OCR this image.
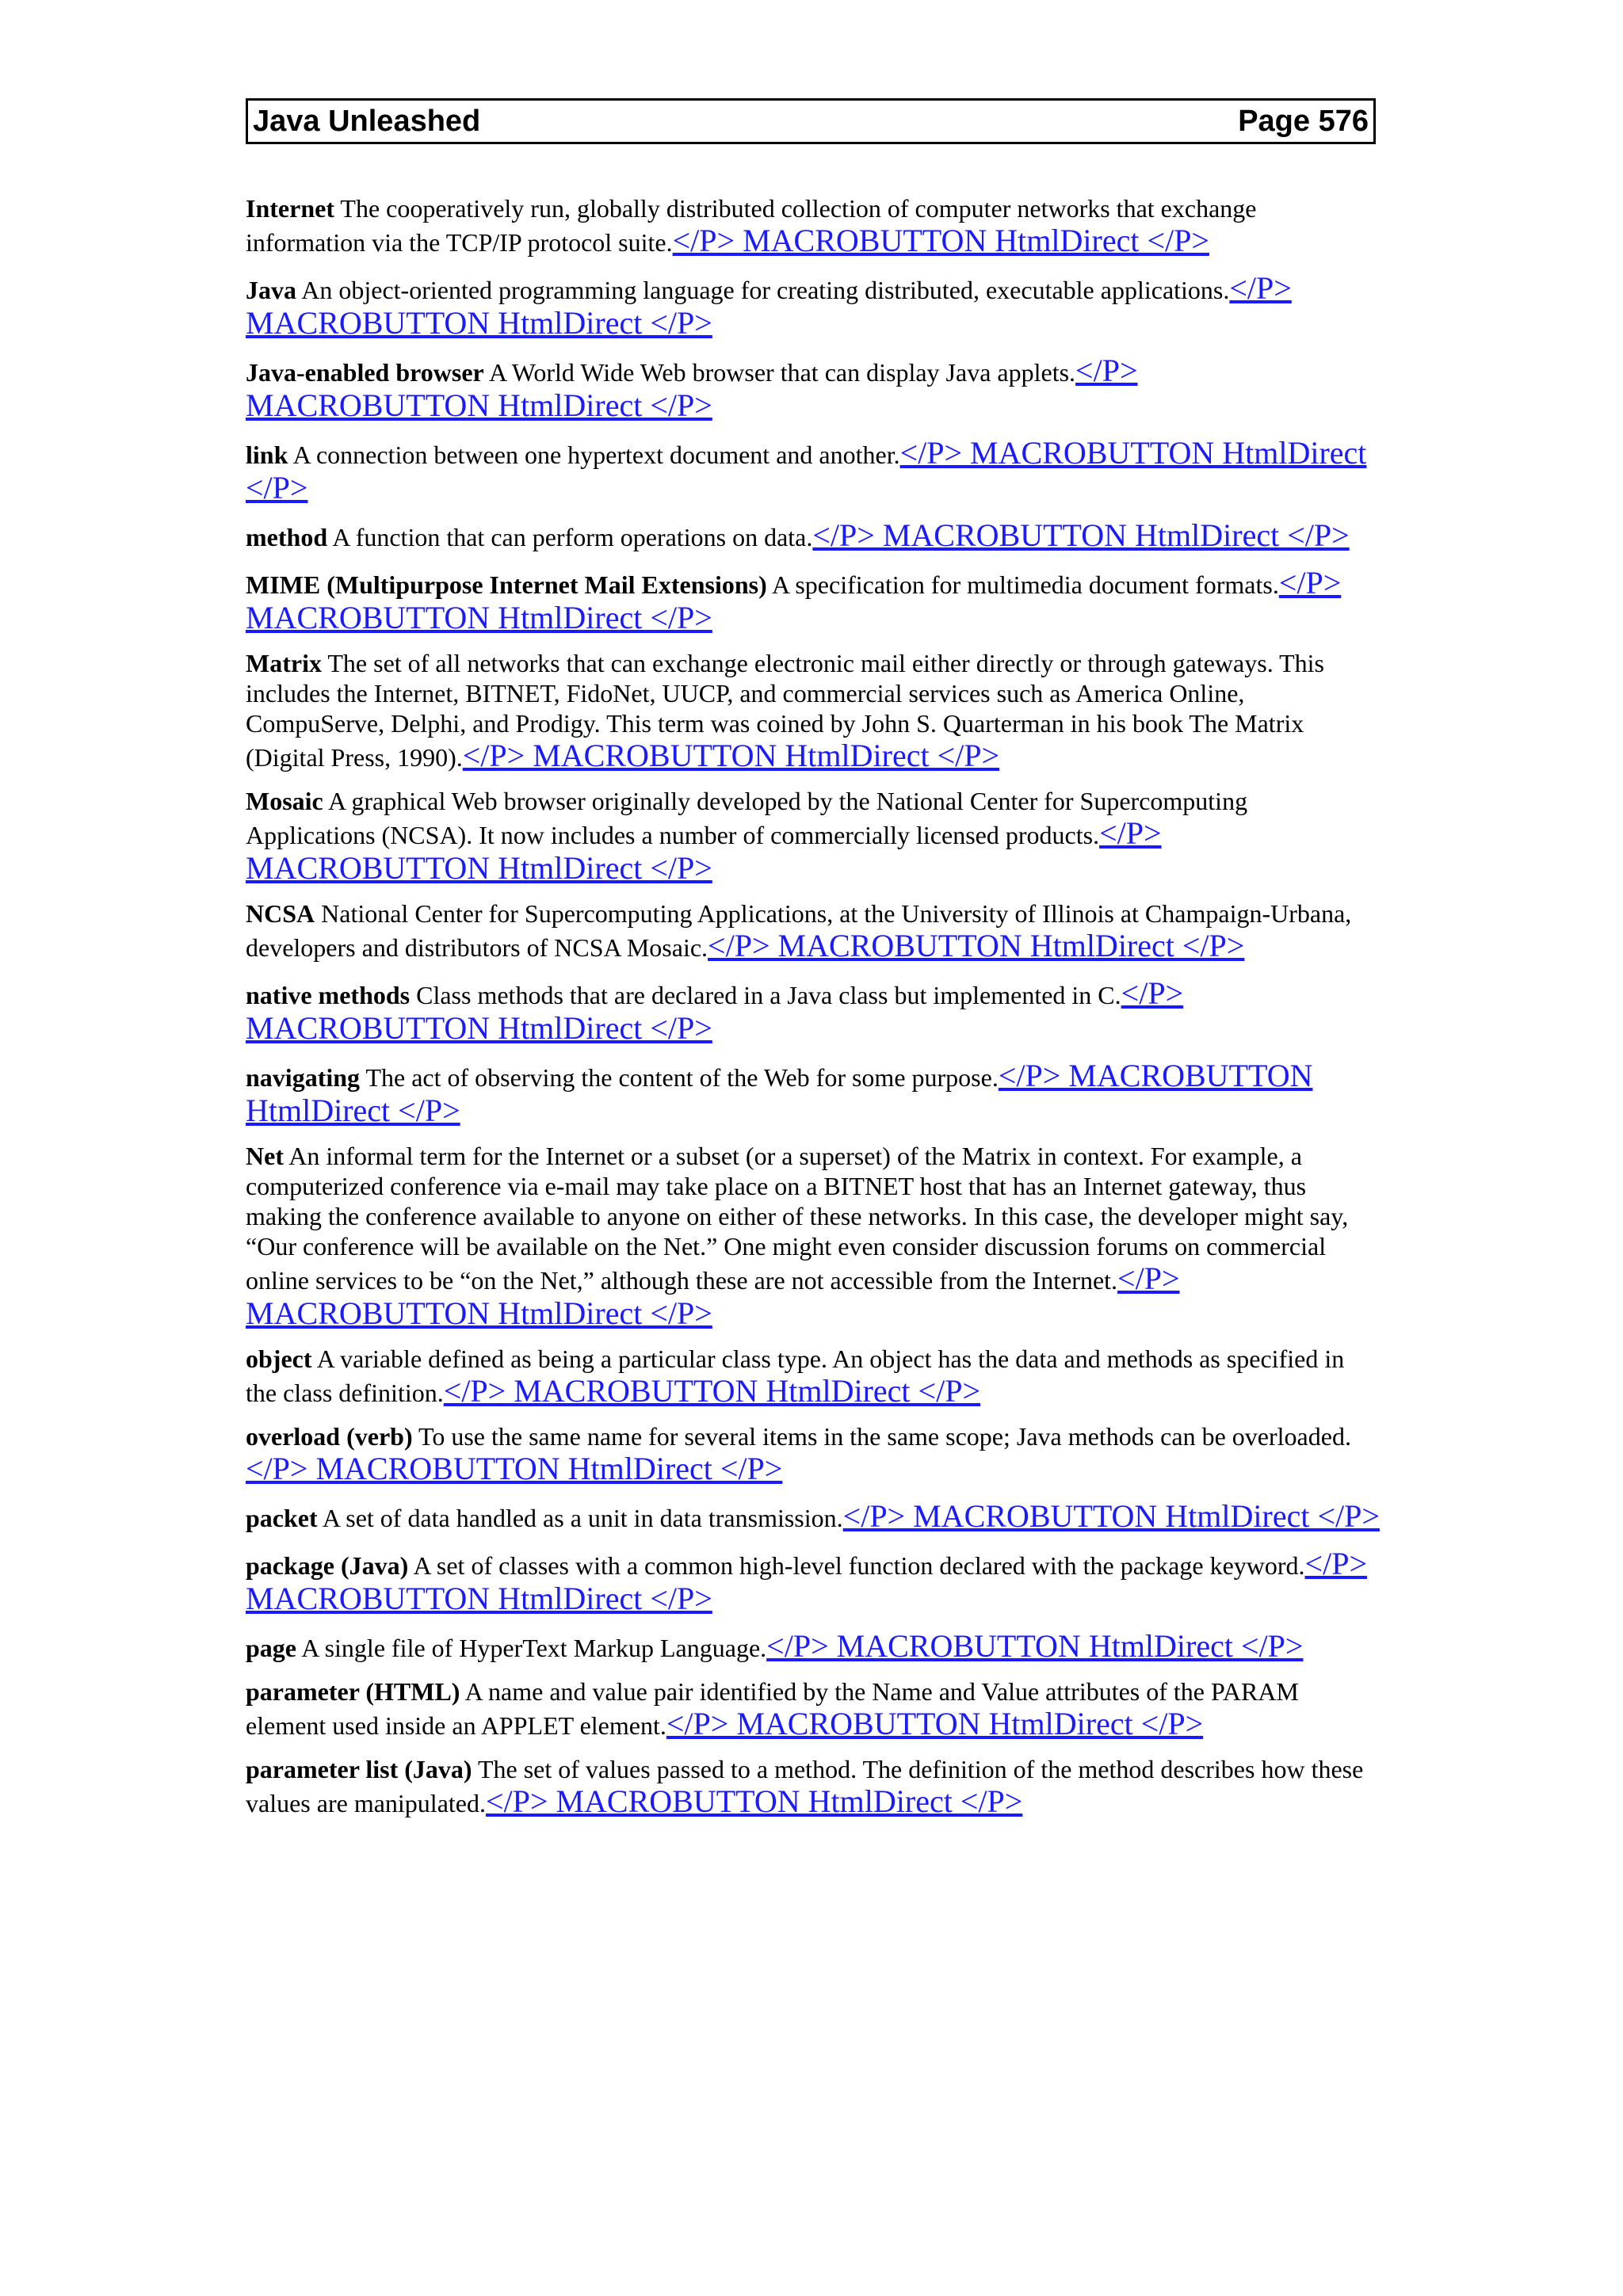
Java Unleashed	Page 576

Internet The cooperatively run, globally distributed collection of computer networks that exchange information via the TCP/IP protocol suite.</P> MACROBUTTON HtmlDirect </P>

Java An object-oriented programming language for creating distributed, executable applications.</P> MACROBUTTON HtmlDirect </P>

Java-enabled browser A World Wide Web browser that can display Java applets.</P> MACROBUTTON HtmlDirect </P>

link A connection between one hypertext document and another.</P> MACROBUTTON HtmlDirect </P>

method A function that can perform operations on data.</P> MACROBUTTON HtmlDirect </P>

MIME (Multipurpose Internet Mail Extensions) A specification for multimedia document formats.</P> MACROBUTTON HtmlDirect </P>

Matrix The set of all networks that can exchange electronic mail either directly or through gateways. This includes the Internet, BITNET, FidoNet, UUCP, and commercial services such as America Online, CompuServe, Delphi, and Prodigy. This term was coined by John S. Quarterman in his book The Matrix (Digital Press, 1990).</P> MACROBUTTON HtmlDirect </P>

Mosaic A graphical Web browser originally developed by the National Center for Supercomputing Applications (NCSA). It now includes a number of commercially licensed products.</P> MACROBUTTON HtmlDirect </P>

NCSA National Center for Supercomputing Applications, at the University of Illinois at Champaign-Urbana, developers and distributors of NCSA Mosaic.</P> MACROBUTTON HtmlDirect </P>

native methods Class methods that are declared in a Java class but implemented in C.</P> MACROBUTTON HtmlDirect </P>

navigating The act of observing the content of the Web for some purpose.</P> MACROBUTTON HtmlDirect </P>

Net An informal term for the Internet or a subset (or a superset) of the Matrix in context. For example, a computerized conference via e-mail may take place on a BITNET host that has an Internet gateway, thus making the conference available to anyone on either of these networks. In this case, the developer might say, “Our conference will be available on the Net.” One might even consider discussion forums on commercial online services to be “on the Net,” although these are not accessible from the Internet.</P> MACROBUTTON HtmlDirect </P>

object A variable defined as being a particular class type. An object has the data and methods as specified in the class definition.</P> MACROBUTTON HtmlDirect </P>

overload (verb) To use the same name for several items in the same scope; Java methods can be overloaded.</P> MACROBUTTON HtmlDirect </P>

packet A set of data handled as a unit in data transmission.</P> MACROBUTTON HtmlDirect </P>

package (Java) A set of classes with a common high-level function declared with the package keyword.</P> MACROBUTTON HtmlDirect </P>

page A single file of HyperText Markup Language.</P> MACROBUTTON HtmlDirect </P>

parameter (HTML) A name and value pair identified by the Name and Value attributes of the PARAM element used inside an APPLET element.</P> MACROBUTTON HtmlDirect </P>

parameter list (Java) The set of values passed to a method. The definition of the method describes how these values are manipulated.</P> MACROBUTTON HtmlDirect </P>
